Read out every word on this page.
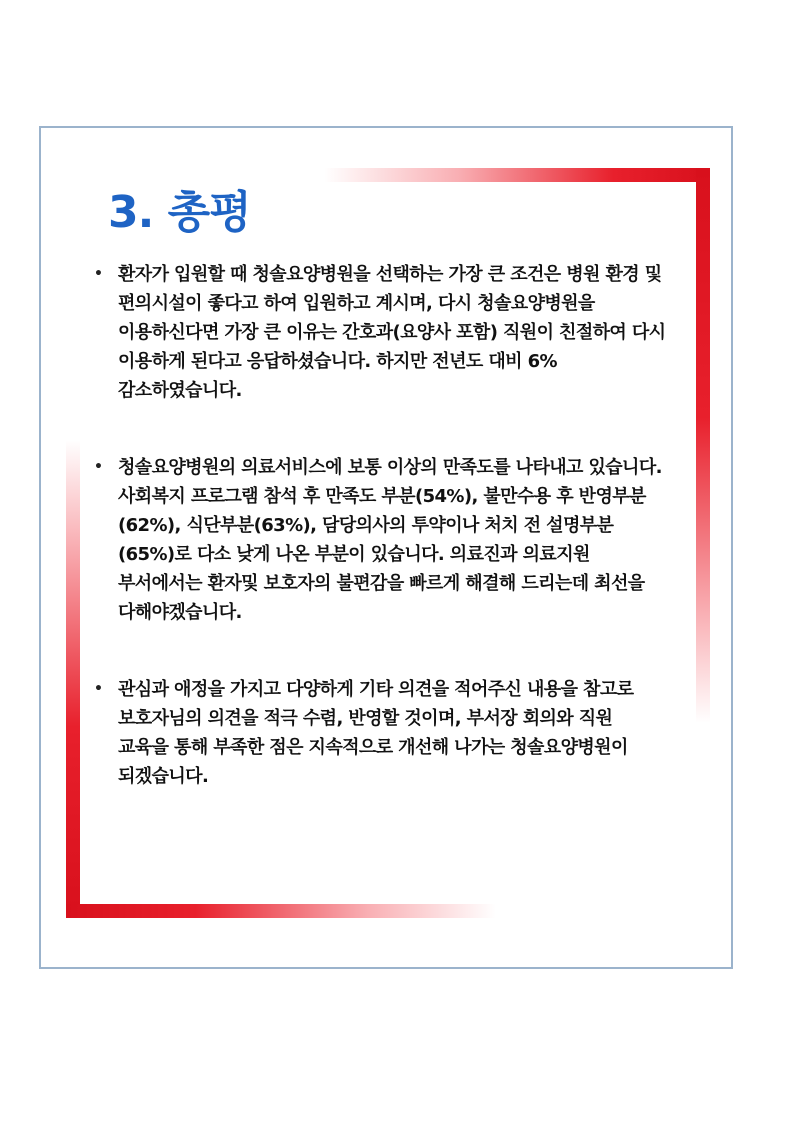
3. 총평
• 환자가 입원할 때 청솔요양병원을 선택하는 가장 큰 조건은 병원 환경 및 편의시설이 좋다고 하여 입원하고 계시며, 다시 청솔요양병원을 이용하신다면 가장 큰 이유는 간호과(요양사 포함) 직원이 친절하여 다시 이용하게 된다고 응답하셨습니다. 하지만 전년도 대비 6% 감소하였습니다.
• 청솔요양병원의 의료서비스에 보통 이상의 만족도를 나타내고 있습니다. 사회복지 프로그램 참석 후 만족도 부분(54%), 불만수용 후 반영부분(62%), 식단부분(63%), 담당의사의 투약이나 처치 전 설명부분(65%)로 다소 낮게 나온 부분이 있습니다. 의료진과 의료지원 부서에서는 환자및 보호자의 불편감을 빠르게 해결해 드리는데 최선을 다해야겠습니다.
• 관심과 애정을 가지고 다양하게 기타 의견을 적어주신 내용을 참고로 보호자님의 의견을 적극 수렴, 반영할 것이며, 부서장 회의와 직원 교육을 통해 부족한 점은 지속적으로 개선해 나가는 청솔요양병원이 되겠습니다.
